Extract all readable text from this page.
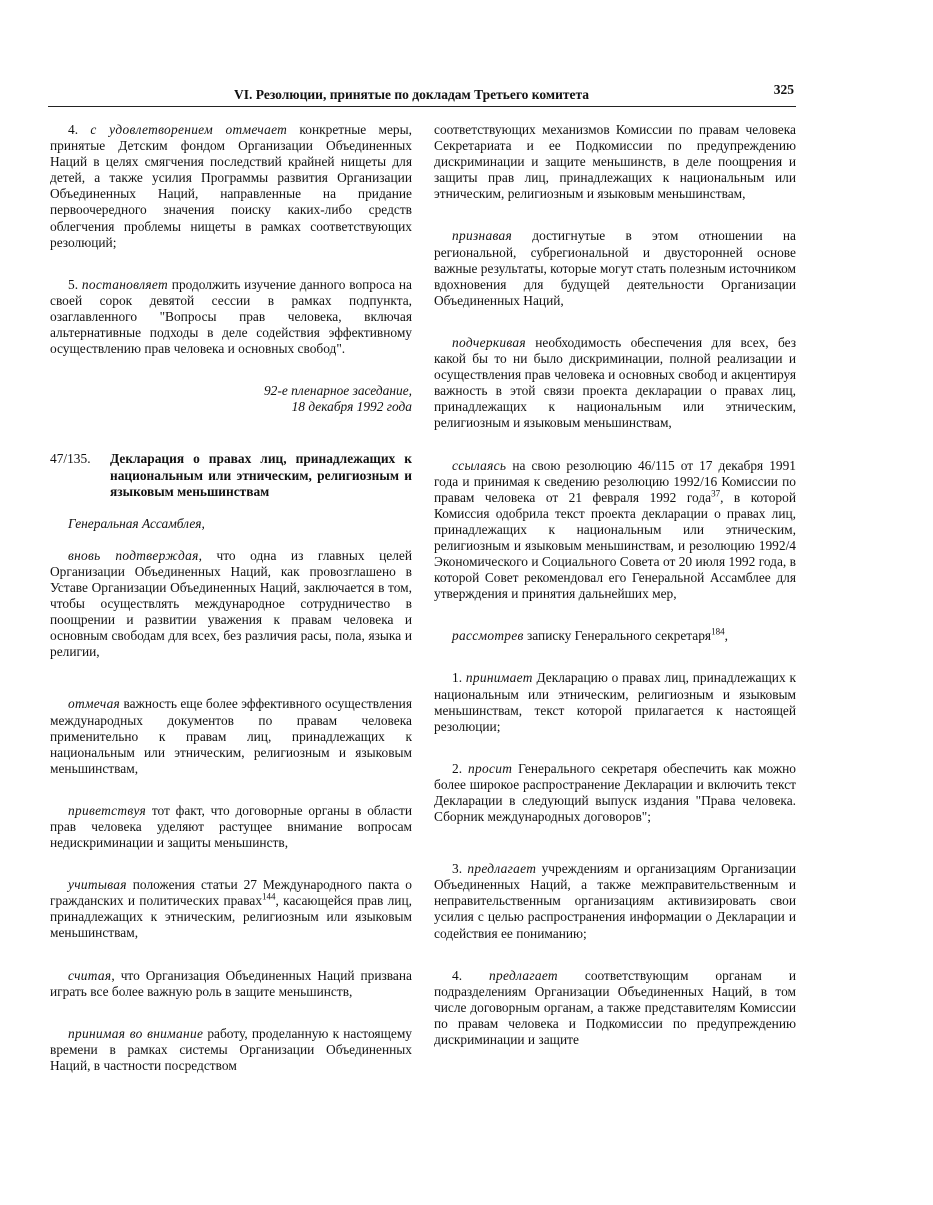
VI. Резолюции, принятые по докладам Третьего комитета	325

4. с удовлетворением отмечает конкретные меры, принятые Детским фондом Организации Объединенных Наций в целях смягчения последствий крайней нищеты для детей, а также усилия Программы развития Организации Объединенных Наций, направленные на придание первоочередного значения поиску каких-либо средств облегчения проблемы нищеты в рамках соответствующих резолюций;

5. постановляет продолжить изучение данного вопроса на своей сорок девятой сессии в рамках подпункта, озаглавленного "Вопросы прав человека, включая альтернативные подходы в деле содействия эффективному осуществлению прав человека и основных свобод".

92-е пленарное заседание,
18 декабря 1992 года

47/135.	Декларация о правах лиц, принадлежащих к национальным или этническим, религиозным и языковым меньшинствам

Генеральная Ассамблея,

вновь подтверждая, что одна из главных целей Организации Объединенных Наций, как провозглашено в Уставе Организации Объединенных Наций, заключается в том, чтобы осуществлять международное сотрудничество в поощрении и развитии уважения к правам человека и основным свободам для всех, без различия расы, пола, языка и религии,

отмечая важность еще более эффективного осуществления международных документов по правам человека применительно к правам лиц, принадлежащих к национальным или этническим, религиозным и языковым меньшинствам,

приветствуя тот факт, что договорные органы в области прав человека уделяют растущее внимание вопросам недискриминации и защиты меньшинств,

учитывая положения статьи 27 Международного пакта о гражданских и политических правах$^{144}$, касающейся прав лиц, принадлежащих к этническим, религиозным или языковым меньшинствам,

считая, что Организация Объединенных Наций призвана играть все более важную роль в защите меньшинств,

принимая во внимание работу, проделанную к настоящему времени в рамках системы Организации Объединенных Наций, в частности посредством

соответствующих механизмов Комиссии по правам человека Секретариата и ее Подкомиссии по предупреждению дискриминации и защите меньшинств, в деле поощрения и защиты прав лиц, принадлежащих к национальным или этническим, религиозным и языковым меньшинствам,

признавая достигнутые в этом отношении на региональной, субрегиональной и двусторонней основе важные результаты, которые могут стать полезным источником вдохновения для будущей деятельности Организации Объединенных Наций,

подчеркивая необходимость обеспечения для всех, без какой бы то ни было дискриминации, полной реализации и осуществления прав человека и основных свобод и акцентируя важность в этой связи проекта декларации о правах лиц, принадлежащих к национальным или этническим, религиозным и языковым меньшинствам,

ссылаясь на свою резолюцию 46/115 от 17 декабря 1991 года и принимая к сведению резолюцию 1992/16 Комиссии по правам человека от 21 февраля 1992 года$^{37}$, в которой Комиссия одобрила текст проекта декларации о правах лиц, принадлежащих к национальным или этническим, религиозным и языковым меньшинствам, и резолюцию 1992/4 Экономического и Социального Совета от 20 июля 1992 года, в которой Совет рекомендовал его Генеральной Ассамблее для утверждения и принятия дальнейших мер,

рассмотрев записку Генерального секретаря$^{184}$,

1. принимает Декларацию о правах лиц, принадлежащих к национальным или этническим, религиозным и языковым меньшинствам, текст которой прилагается к настоящей резолюции;

2. просит Генерального секретаря обеспечить как можно более широкое распространение Декларации и включить текст Декларации в следующий выпуск издания "Права человека. Сборник международных договоров";

3. предлагает учреждениям и организациям Организации Объединенных Наций, а также межправительственным и неправительственным организациям активизировать свои усилия с целью распространения информации о Декларации и содействия ее пониманию;

4. предлагает соответствующим органам и подразделениям Организации Объединенных Наций, в том числе договорным органам, а также представителям Комиссии по правам человека и Подкомиссии по предупреждению дискриминации и защите
